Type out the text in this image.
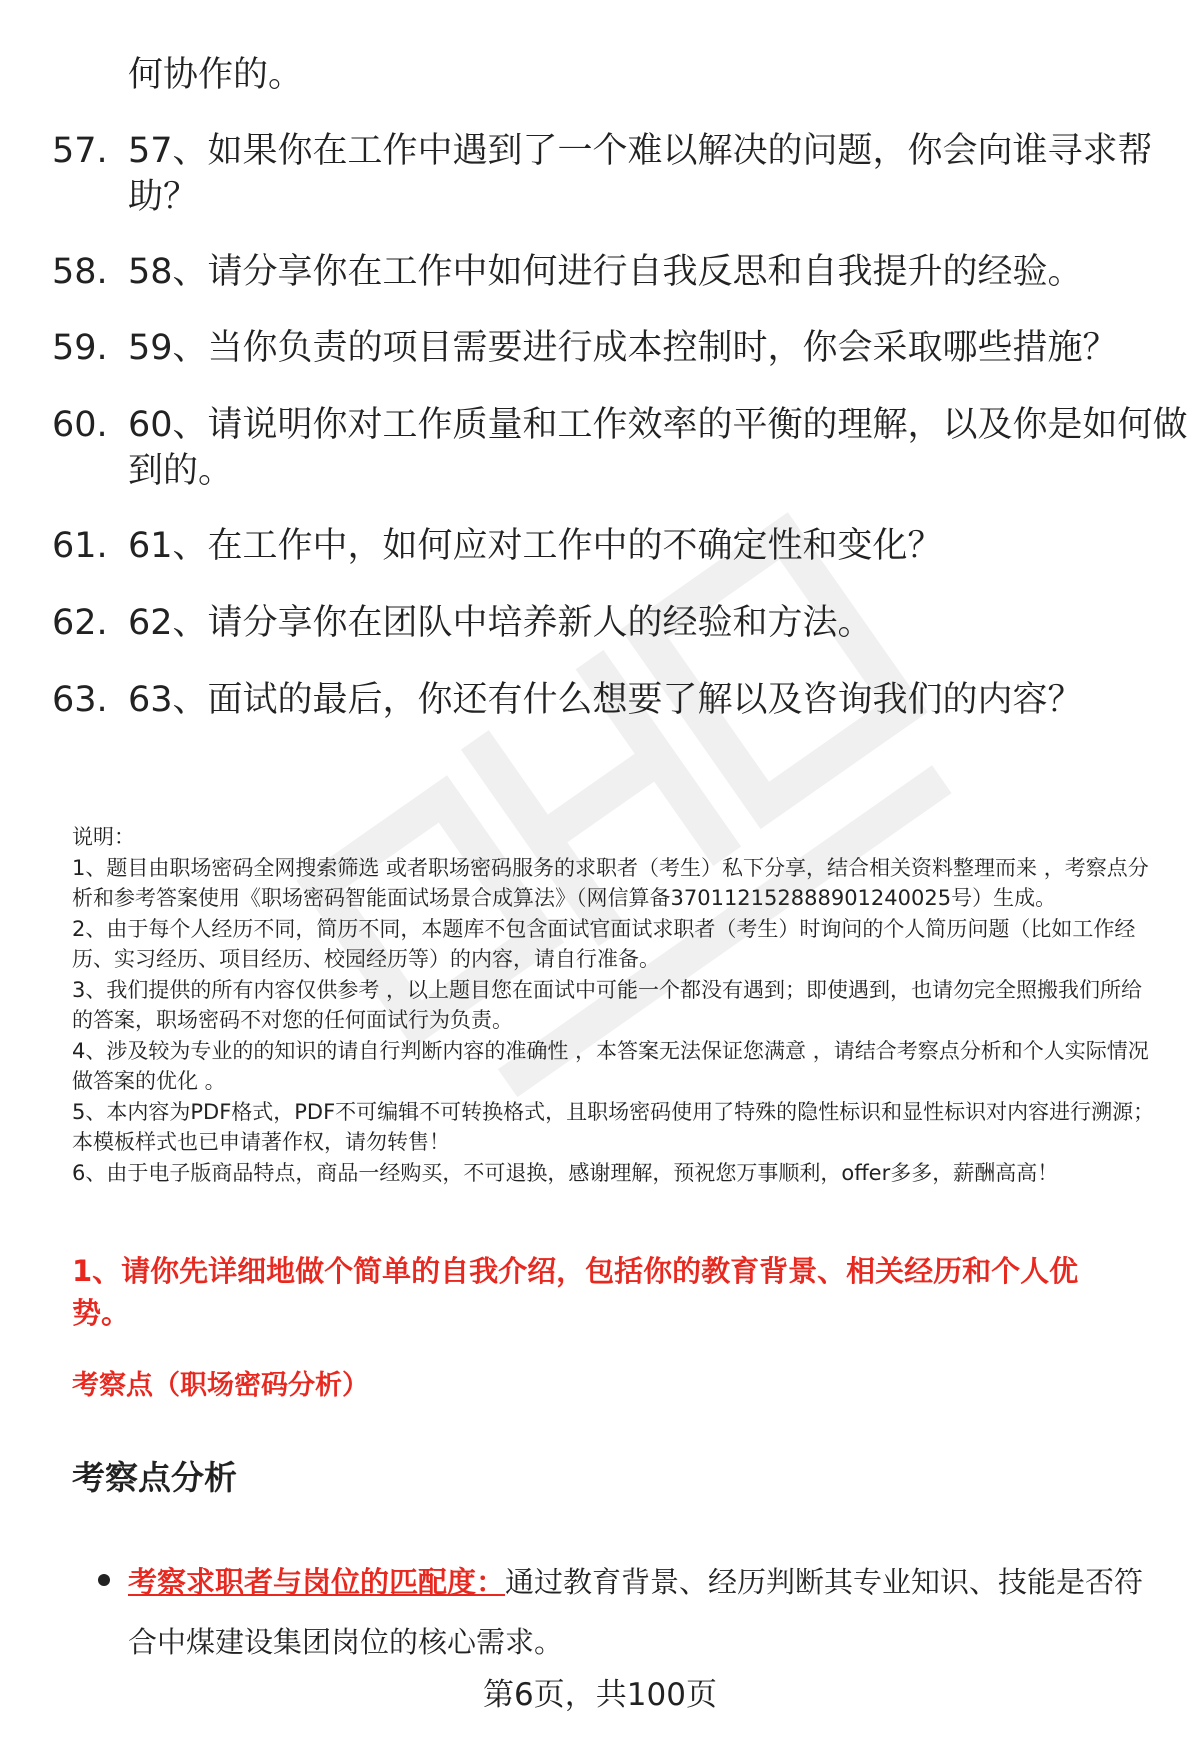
何协作的。

57. 57、如果你在工作中遇到了一个难以解决的问题，你会向谁寻求帮助？
58. 58、请分享你在工作中如何进行自我反思和自我提升的经验。
59. 59、当你负责的项目需要进行成本控制时，你会采取哪些措施？
60. 60、请说明你对工作质量和工作效率的平衡的理解，以及你是如何做到的。
61. 61、在工作中，如何应对工作中的不确定性和变化？
62. 62、请分享你在团队中培养新人的经验和方法。
63. 63、面试的最后，你还有什么想要了解以及咨询我们的内容？

说明：

1、题目由职场密码全网搜索筛选 或者职场密码服务的求职者（考生）私下分享，结合相关资料整理而来 ，考察点分析和参考答案使用《职场密码智能面试场景合成算法》（网信算备370112152888901240025号）生成。

2、由于每个人经历不同，简历不同，本题库不包含面试官面试求职者（考生）时询问的个人简历问题（比如工作经历、实习经历、项目经历、校园经历等）的内容，请自行准备。

3、我们提供的所有内容仅供参考 ，以上题目您在面试中可能一个都没有遇到；即使遇到，也请勿完全照搬我们所给的答案，职场密码不对您的任何面试行为负责。

4、涉及较为专业的的知识的请自行判断内容的准确性 ，本答案无法保证您满意 ，请结合考察点分析和个人实际情况做答案的优化 。

5、本内容为PDF格式，PDF不可编辑不可转换格式，且职场密码使用了特殊的隐性标识和显性标识对内容进行溯源；本模板样式也已申请著作权，请勿转售！

6、由于电子版商品特点，商品一经购买，不可退换，感谢理解，预祝您万事顺利，offer多多，薪酬高高！

1、请你先详细地做个简单的自我介绍，包括你的教育背景、相关经历和个人优势。
考察点（职场密码分析）
考察点分析
考察求职者与岗位的匹配度：通过教育背景、经历判断其专业知识、技能是否符合中煤建设集团岗位的核心需求。
第6页，共100页
